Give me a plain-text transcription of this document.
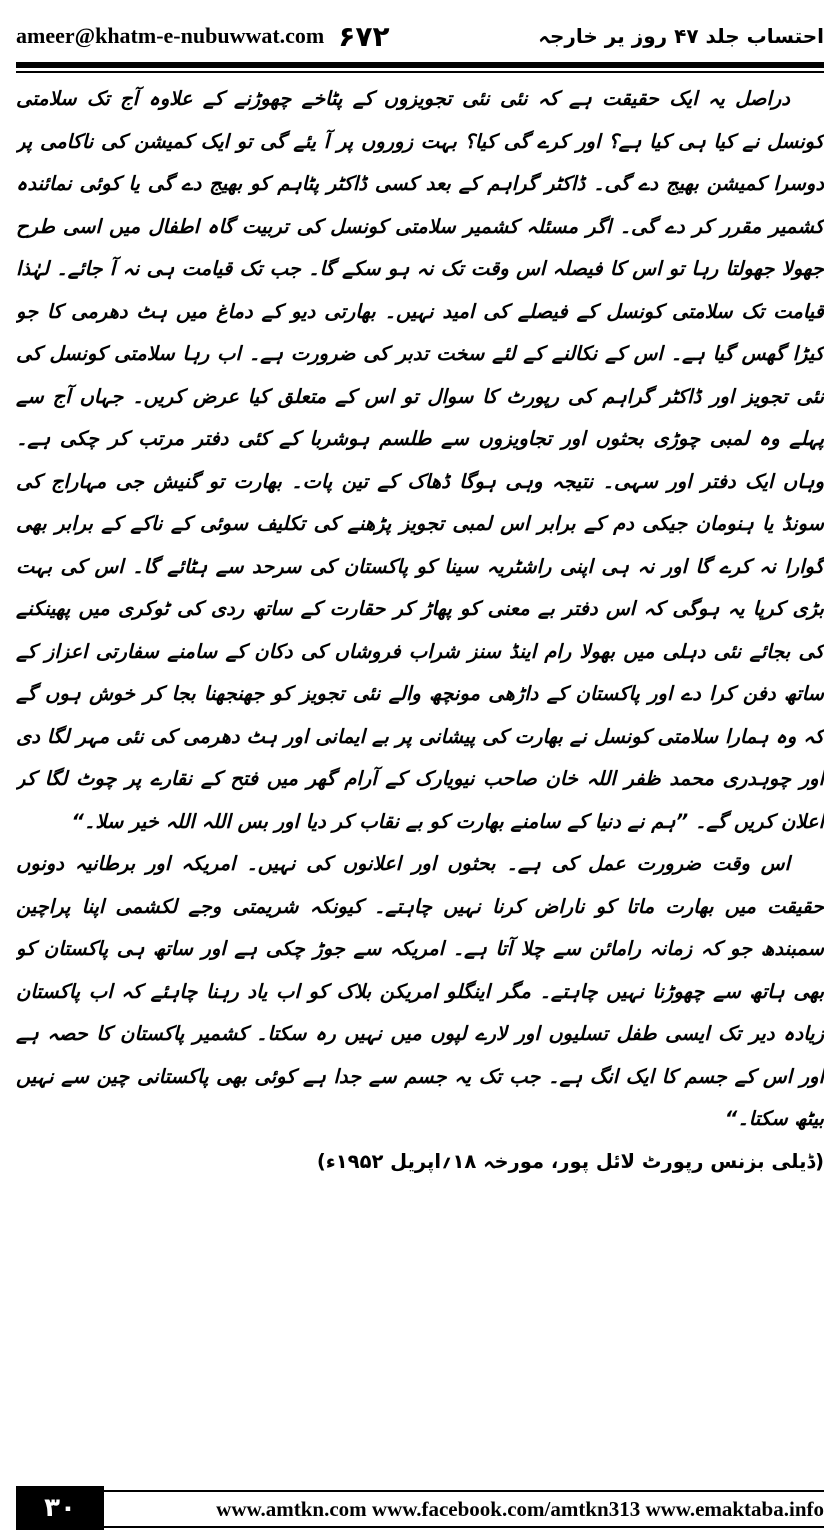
ameer@khatm-e-nubuwwat.com ۶۷۲	احتساب جلد ۴۷ روز یر خارجہ

دراصل یہ ایک حقیقت ہے کہ نئی نئی تجویزوں کے پٹاخے چھوڑنے کے علاوہ آج تک سلامتی کونسل نے کیا ہی کیا ہے؟ اور کرے گی کیا؟ بہت زوروں پر آ یئے گی تو ایک کمیشن کی ناکامی پر دوسرا کمیشن بھیج دے گی۔ ڈاکٹر گراہم کے بعد کسی ڈاکٹر پٹاہم کو بھیج دے گی یا کوئی نمائندہ کشمیر مقرر کر دے گی۔ اگر مسئلہ کشمیر سلامتی کونسل کی تربیت گاہ اطفال میں اسی طرح جھولا جھولتا رہا تو اس کا فیصلہ اس وقت تک نہ ہو سکے گا۔ جب تک قیامت ہی نہ آ جائے۔ لہٰذا قیامت تک سلامتی کونسل کے فیصلے کی امید نہیں۔ بھارتی دیو کے دماغ میں ہٹ دھرمی کا جو کیڑا گھس گیا ہے۔ اس کے نکالنے کے لئے سخت تدبر کی ضرورت ہے۔ اب رہا سلامتی کونسل کی نئی تجویز اور ڈاکٹر گراہم کی رپورٹ کا سوال تو اس کے متعلق کیا عرض کریں۔ جہاں آج سے پہلے وہ لمبی چوڑی بحثوں اور تجاویزوں سے طلسم ہوشربا کے کئی دفتر مرتب کر چکی ہے۔ وہاں ایک دفتر اور سہی۔ نتیجہ وہی ہوگا ڈھاک کے تین پات۔ بھارت تو گنیش جی مہاراج کی سونڈ یا ہنومان جیکی دم کے برابر اس لمبی تجویز پڑھنے کی تکلیف سوئی کے ناکے کے برابر بھی گوارا نہ کرے گا اور نہ ہی اپنی راشٹریہ سینا کو پاکستان کی سرحد سے ہٹائے گا۔ اس کی بہت بڑی کرپا یہ ہوگی کہ اس دفتر بے معنی کو پھاڑ کر حقارت کے ساتھ ردی کی ٹوکری میں پھینکنے کی بجائے نئی دہلی میں بھولا رام اینڈ سنز شراب فروشاں کی دکان کے سامنے سفارتی اعزاز کے ساتھ دفن کرا دے اور پاکستان کے داڑھی مونچھ والے نئی تجویز کو جھنجھنا بجا کر خوش ہوں گے کہ وہ ہمارا سلامتی کونسل نے بھارت کی پیشانی پر بے ایمانی اور ہٹ دھرمی کی نئی مہر لگا دی اور چوہدری محمد ظفر اللہ خان صاحب نیویارک کے آرام گھر میں فتح کے نقارے پر چوٹ لگا کر اعلان کریں گے۔ ”ہم نے دنیا کے سامنے بھارت کو بے نقاب کر دیا اور بس اللہ اللہ خیر سلا۔“

اس وقت ضرورت عمل کی ہے۔ بحثوں اور اعلانوں کی نہیں۔ امریکہ اور برطانیہ دونوں حقیقت میں بھارت ماتا کو ناراض کرنا نہیں چاہتے۔ کیونکہ شریمتی وجے لکشمی اپنا پراچین سمبندھ جو کہ زمانہ رامائن سے چلا آتا ہے۔ امریکہ سے جوڑ چکی ہے اور ساتھ ہی پاکستان کو بھی ہاتھ سے چھوڑنا نہیں چاہتے۔ مگر اینگلو امریکن بلاک کو اب یاد رہنا چاہئے کہ اب پاکستان زیادہ دیر تک ایسی طفل تسلیوں اور لارے لپوں میں نہیں رہ سکتا۔ کشمیر پاکستان کا حصہ ہے اور اس کے جسم کا ایک انگ ہے۔ جب تک یہ جسم سے جدا ہے کوئی بھی پاکستانی چین سے نہیں بیٹھ سکتا۔“

(ڈیلی بزنس رپورٹ لائل پور، مورخہ ۱۸؍اپریل ۱۹۵۲ء)

۳۰	www.amtkn.com www.facebook.com/amtkn313 www.emaktaba.info
